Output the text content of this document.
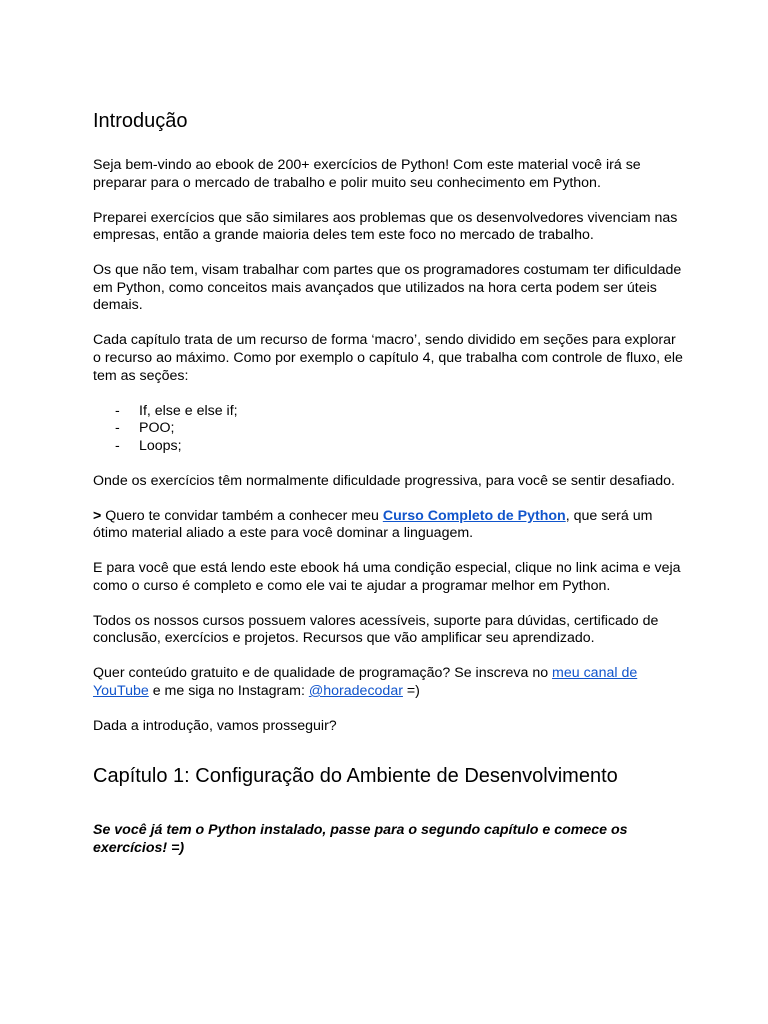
Introdução

Seja bem-vindo ao ebook de 200+ exercícios de Python! Com este material você irá se preparar para o mercado de trabalho e polir muito seu conhecimento em Python.

Preparei exercícios que são similares aos problemas que os desenvolvedores vivenciam nas empresas, então a grande maioria deles tem este foco no mercado de trabalho.

Os que não tem, visam trabalhar com partes que os programadores costumam ter dificuldade em Python, como conceitos mais avançados que utilizados na hora certa podem ser úteis demais.

Cada capítulo trata de um recurso de forma ‘macro’, sendo dividido em seções para explorar o recurso ao máximo. Como por exemplo o capítulo 4, que trabalha com controle de fluxo, ele tem as seções:

- If, else e else if;
- POO;
- Loops;

Onde os exercícios têm normalmente dificuldade progressiva, para você se sentir desafiado.

> Quero te convidar também a conhecer meu Curso Completo de Python, que será um ótimo material aliado a este para você dominar a linguagem.

E para você que está lendo este ebook há uma condição especial, clique no link acima e veja como o curso é completo e como ele vai te ajudar a programar melhor em Python.

Todos os nossos cursos possuem valores acessíveis, suporte para dúvidas, certificado de conclusão, exercícios e projetos. Recursos que vão amplificar seu aprendizado.

Quer conteúdo gratuito e de qualidade de programação? Se inscreva no meu canal de YouTube e me siga no Instagram: @horadecodar =)

Dada a introdução, vamos prosseguir?

Capítulo 1: Configuração do Ambiente de Desenvolvimento
Se você já tem o Python instalado, passe para o segundo capítulo e comece os exercícios! =)
